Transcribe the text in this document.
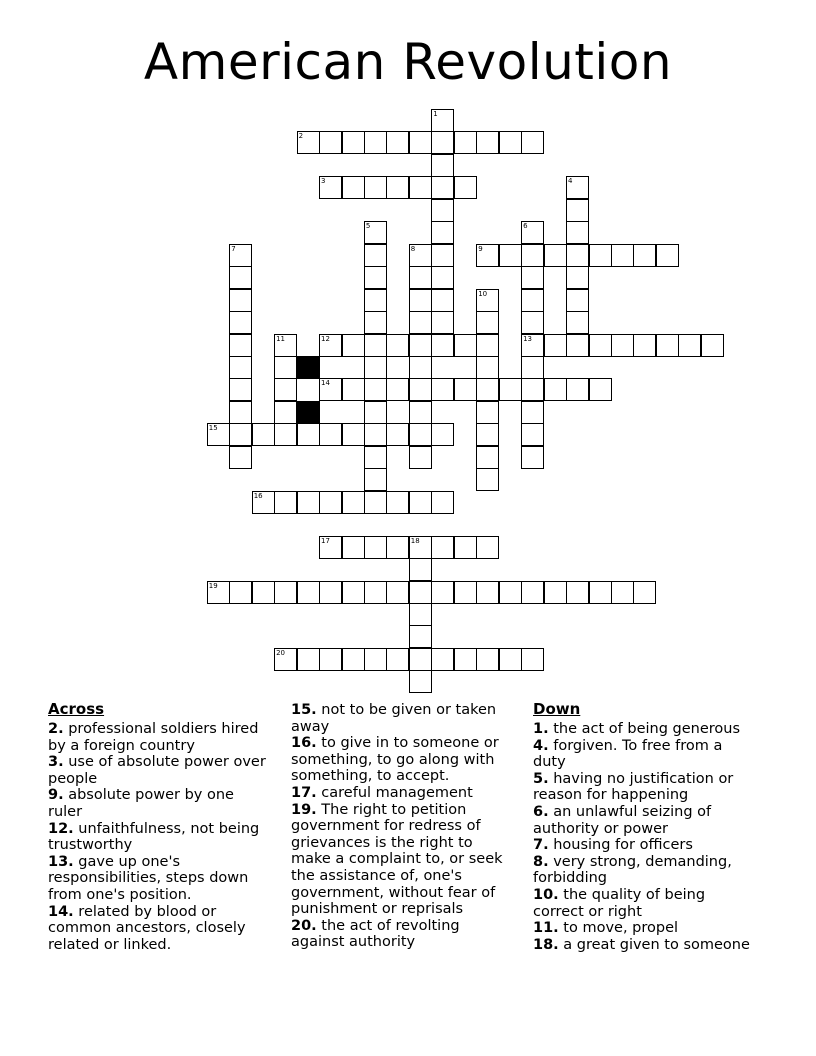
American Revolution
1
2
3	4
5	6
13
7	8	9
10
11	12
14
15
16
17	18
19
20
Across

2. professional soldiers hired by a foreign country

3. use of absolute power over people

9. absolute power by one ruler

12. unfaithfulness, not being trustworthy

13. gave up one's responsibilities, steps down from one's position.

14. related by blood or common ancestors, closely related or linked.

15. not to be given or taken away

16. to give in to someone or something, to go along with something, to accept.

17. careful management

19. The right to petition government for redress of grievances is the right to make a complaint to, or seek the assistance of, one's government, without fear of punishment or reprisals

20. the act of revolting against authority

Down

1. the act of being generous

4. forgiven. To free from a duty

5. having no justification or reason for happening

6. an unlawful seizing of authority or power

7. housing for officers

8. very strong, demanding, forbidding

10. the quality of being correct or right

11. to move, propel

18. a great given to someone
